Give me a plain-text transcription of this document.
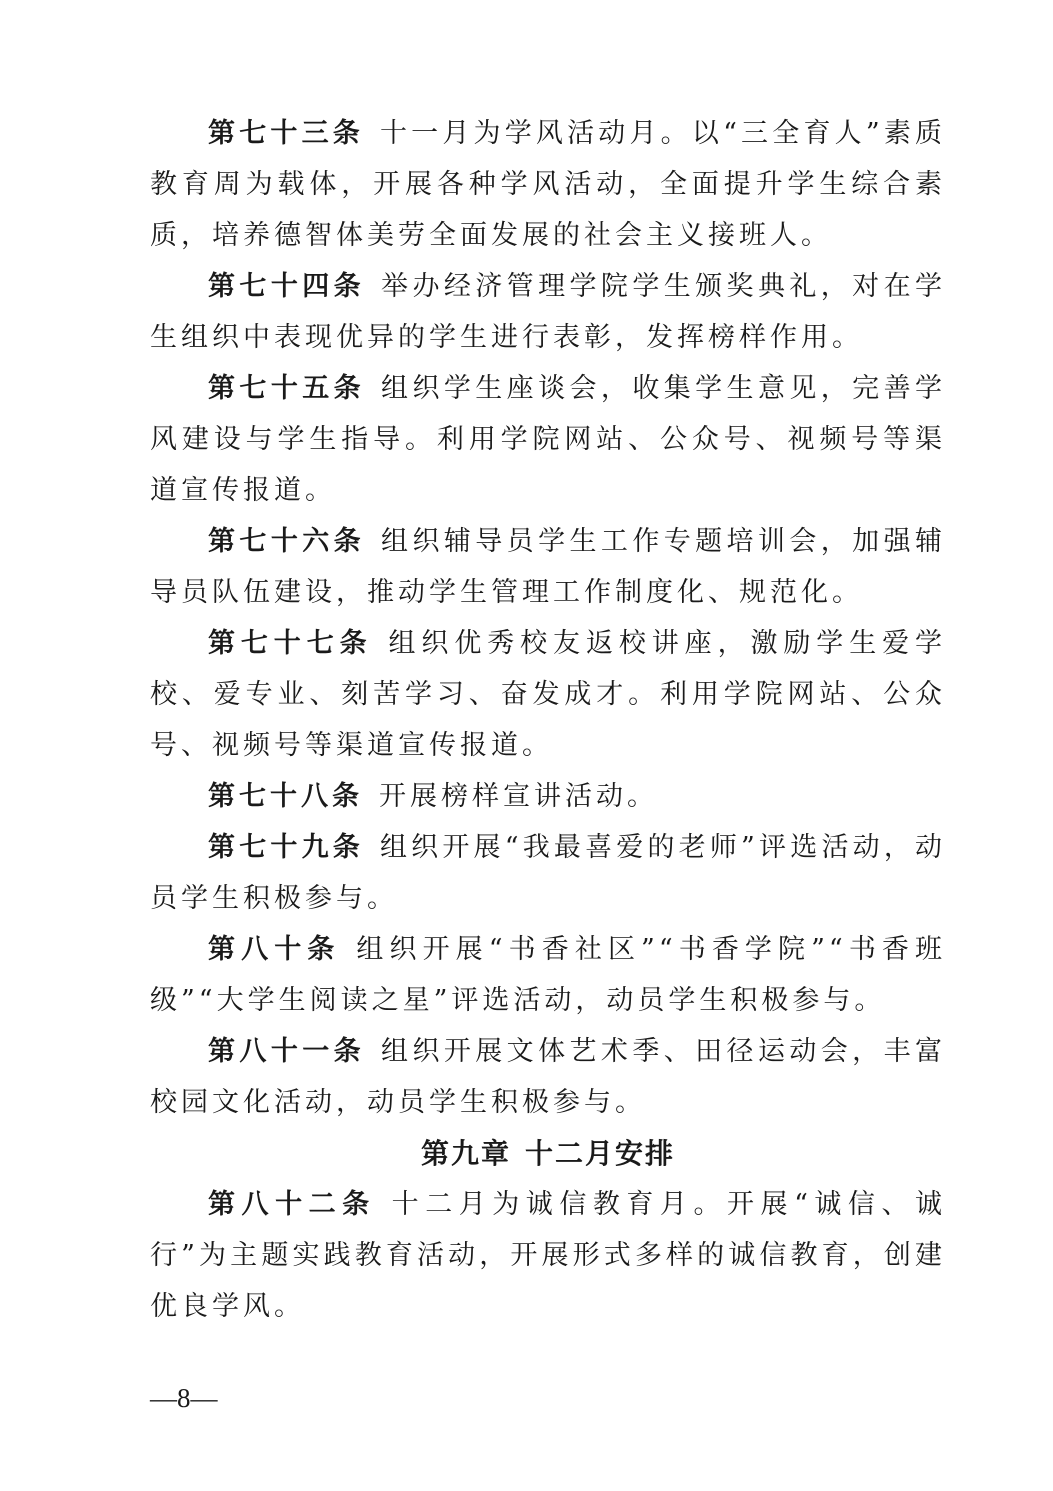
第七十三条 十一月为学风活动月。以“三全育人”素质教育周为载体，开展各种学风活动，全面提升学生综合素质，培养德智体美劳全面发展的社会主义接班人。

第七十四条 举办经济管理学院学生颁奖典礼，对在学生组织中表现优异的学生进行表彰，发挥榜样作用。

第七十五条 组织学生座谈会，收集学生意见，完善学风建设与学生指导。利用学院网站、公众号、视频号等渠道宣传报道。

第七十六条 组织辅导员学生工作专题培训会，加强辅导员队伍建设，推动学生管理工作制度化、规范化。

第七十七条 组织优秀校友返校讲座，激励学生爱学校、爱专业、刻苦学习、奋发成才。利用学院网站、公众号、视频号等渠道宣传报道。

第七十八条 开展榜样宣讲活动。

第七十九条 组织开展“我最喜爱的老师”评选活动，动员学生积极参与。

第八十条 组织开展“书香社区”“书香学院”“书香班级”“大学生阅读之星”评选活动，动员学生积极参与。

第八十一条 组织开展文体艺术季、田径运动会，丰富校园文化活动，动员学生积极参与。

第九章 十二月安排

第八十二条 十二月为诚信教育月。开展“诚信、诚行”为主题实践教育活动，开展形式多样的诚信教育，创建优良学风。

—8—
